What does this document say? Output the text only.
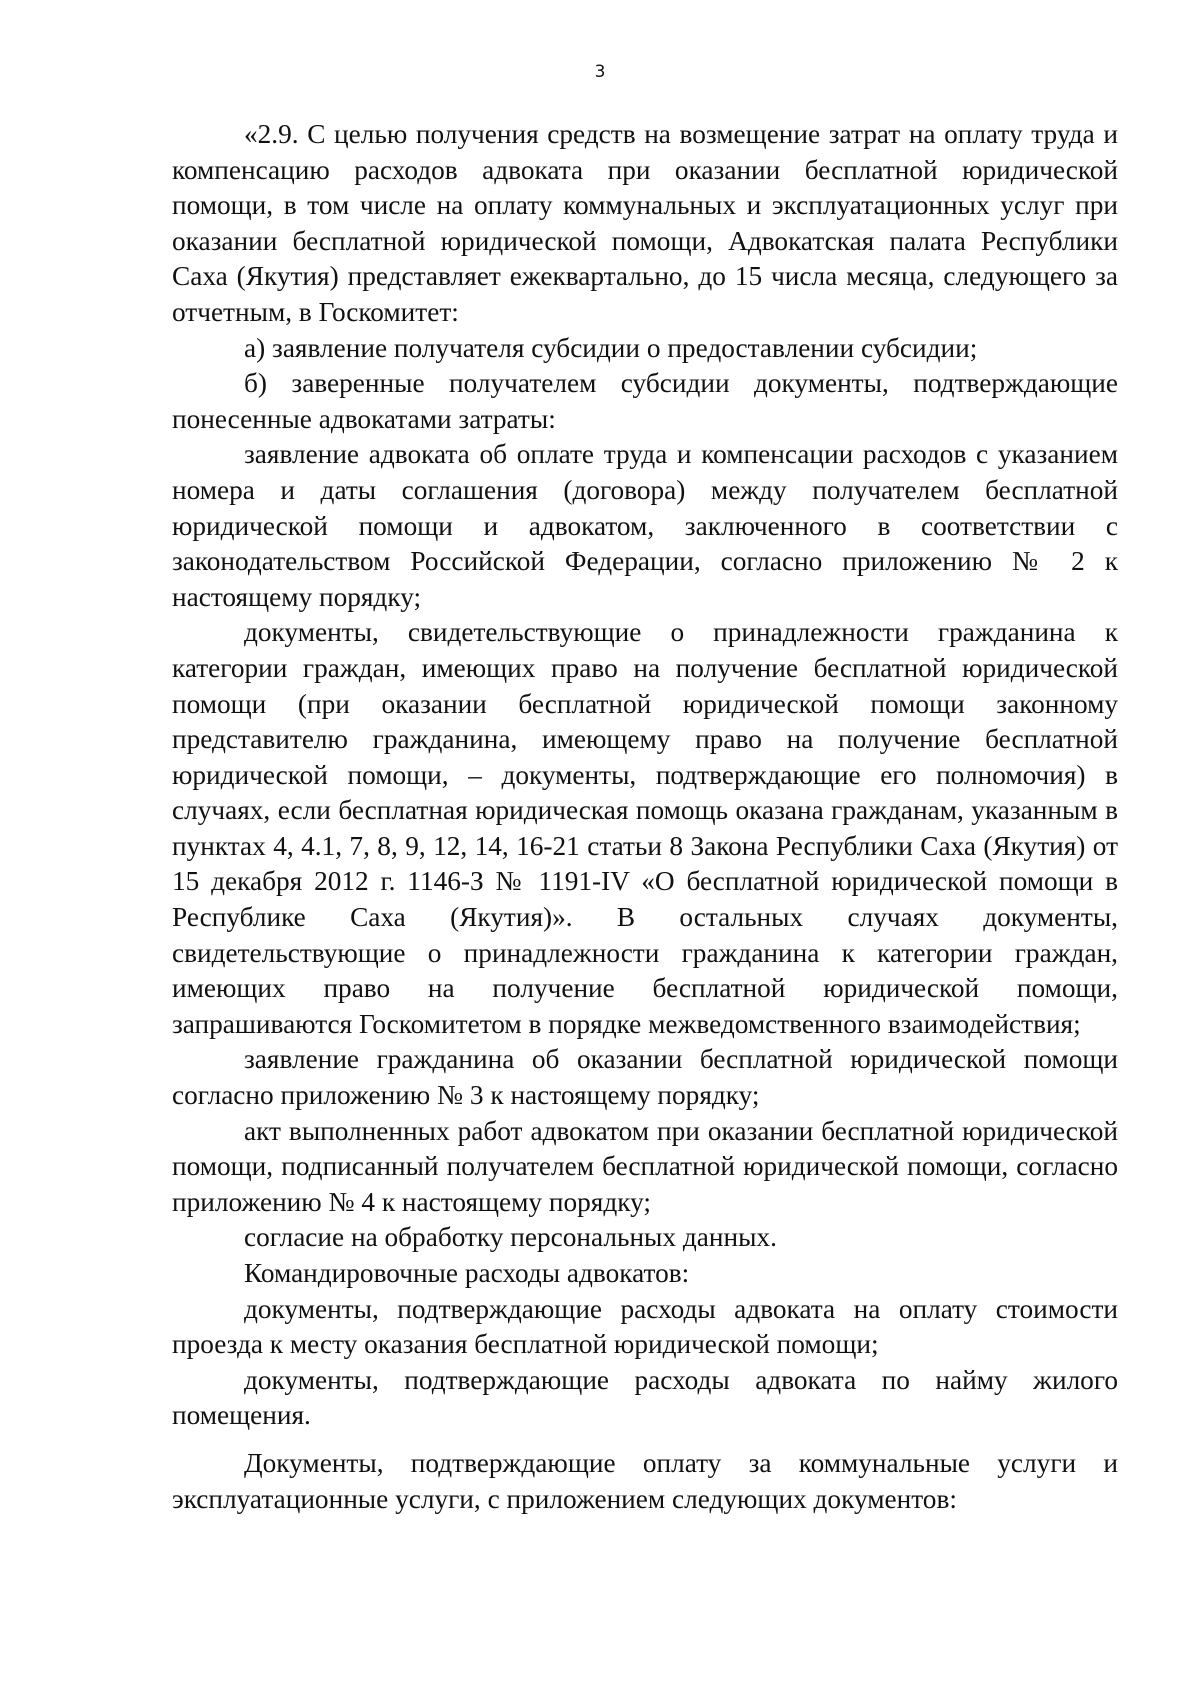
3

«2.9. С целью получения средств на возмещение затрат на оплату труда и компенсацию расходов адвоката при оказании бесплатной юридической помощи, в том числе на оплату коммунальных и эксплуатационных услуг при оказании бесплатной юридической помощи, Адвокатская палата Республики Саха (Якутия) представляет ежеквартально, до 15 числа месяца, следующего за отчетным, в Госкомитет:

а) заявление получателя субсидии о предоставлении субсидии;

б) заверенные получателем субсидии документы, подтверждающие понесенные адвокатами затраты:

заявление адвоката об оплате труда и компенсации расходов с указанием номера и даты соглашения (договора) между получателем бесплатной юридической помощи и адвокатом, заключенного в соответствии с законодательством Российской Федерации, согласно приложению № 2 к настоящему порядку;

документы, свидетельствующие о принадлежности гражданина к категории граждан, имеющих право на получение бесплатной юридической помощи (при оказании бесплатной юридической помощи законному представителю гражданина, имеющему право на получение бесплатной юридической помощи, – документы, подтверждающие его полномочия) в случаях, если бесплатная юридическая помощь оказана гражданам, указанным в пунктах 4, 4.1, 7, 8, 9, 12, 14, 16-21 статьи 8 Закона Республики Саха (Якутия) от 15 декабря 2012 г. 1146-З № 1191-IV «О бесплатной юридической помощи в Республике Саха (Якутия)». В остальных случаях документы, свидетельствующие о принадлежности гражданина к категории граждан, имеющих право на получение бесплатной юридической помощи, запрашиваются Госкомитетом в порядке межведомственного взаимодействия;

заявление гражданина об оказании бесплатной юридической помощи согласно приложению № 3 к настоящему порядку;

акт выполненных работ адвокатом при оказании бесплатной юридической помощи, подписанный получателем бесплатной юридической помощи, согласно приложению № 4 к настоящему порядку;

согласие на обработку персональных данных.

Командировочные расходы адвокатов:

документы, подтверждающие расходы адвоката на оплату стоимости проезда к месту оказания бесплатной юридической помощи;

документы, подтверждающие расходы адвоката по найму жилого помещения.

Документы, подтверждающие оплату за коммунальные услуги и эксплуатационные услуги, с приложением следующих документов:
